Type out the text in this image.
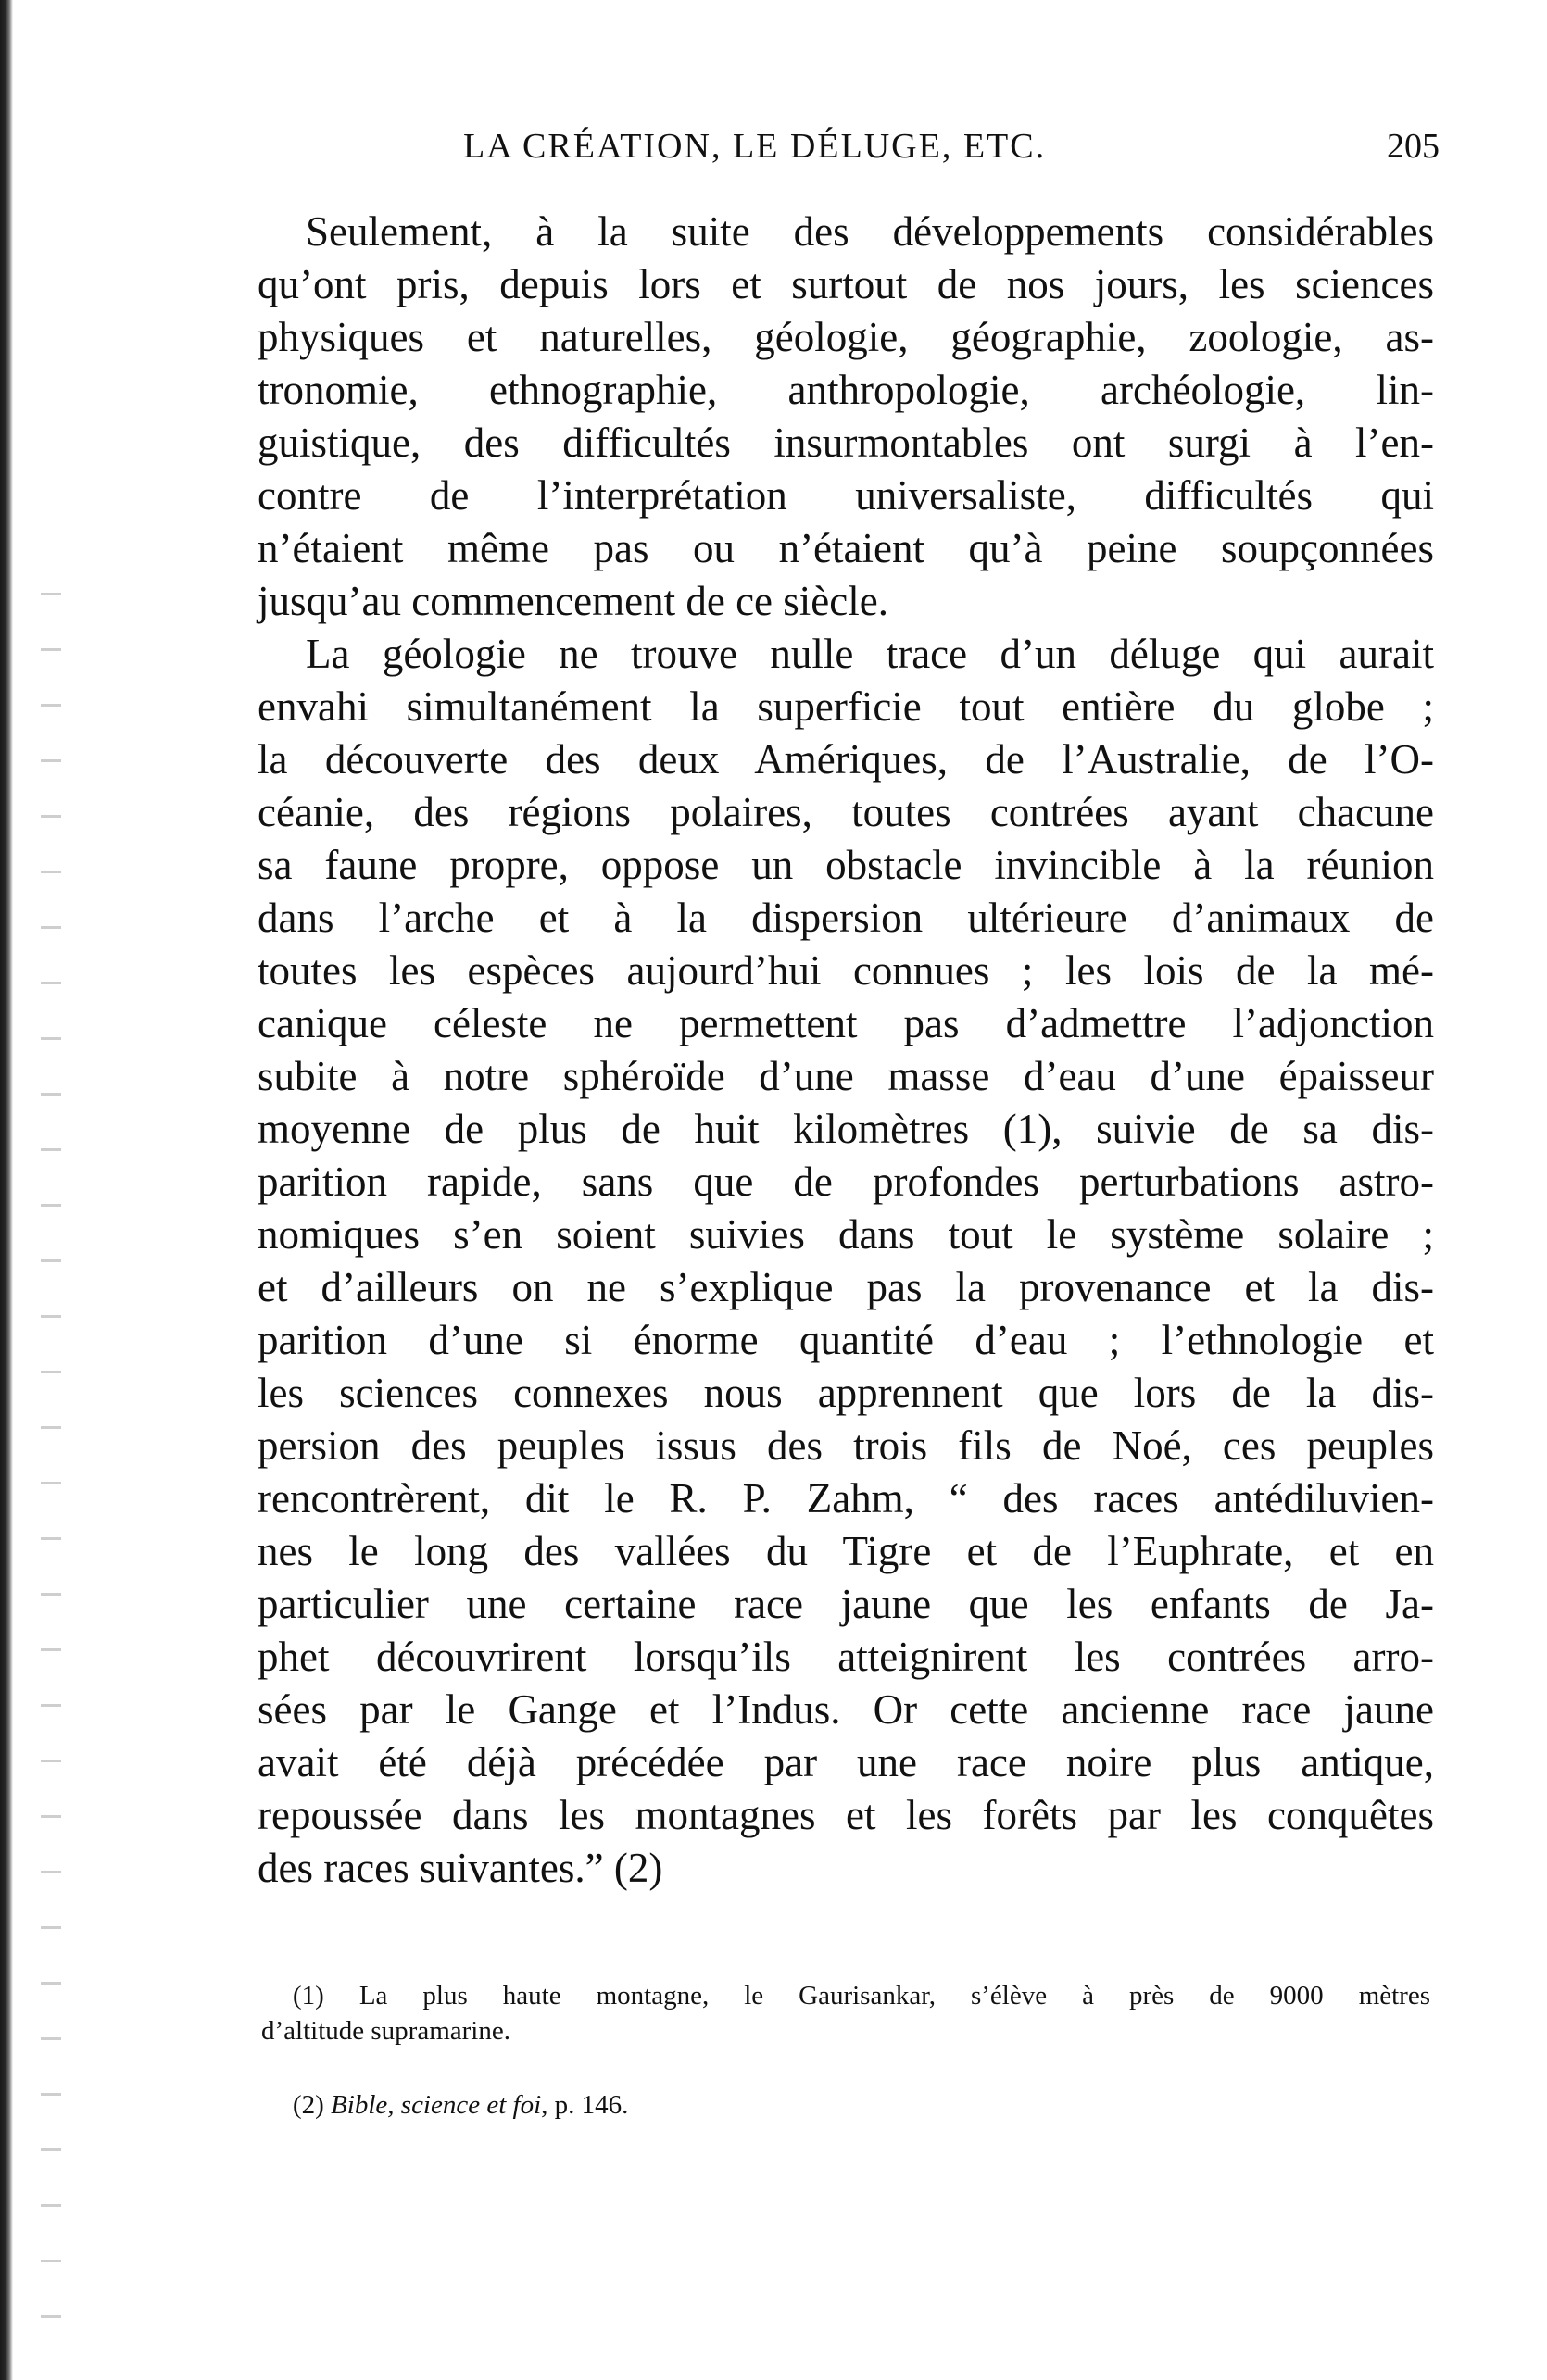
LA CRÉATION, LE DÉLUGE, ETC.	205
Seulement, à la suite des développements considérables
qu’ont pris, depuis lors et surtout de nos jours, les sciences
physiques et naturelles, géologie, géographie, zoologie, as-
tronomie, ethnographie, anthropologie, archéologie, lin-
guistique, des difficultés insurmontables ont surgi à l’en-
contre de l’interprétation universaliste, difficultés qui
n’étaient même pas ou n’étaient qu’à peine soupçonnées
jusqu’au commencement de ce siècle.
La géologie ne trouve nulle trace d’un déluge qui aurait
envahi simultanément la superficie tout entière du globe ;
la découverte des deux Amériques, de l’Australie, de l’O-
céanie, des régions polaires, toutes contrées ayant chacune
sa faune propre, oppose un obstacle invincible à la réunion
dans l’arche et à la dispersion ultérieure d’animaux de
toutes les espèces aujourd’hui connues ; les lois de la mé-
canique céleste ne permettent pas d’admettre l’adjonction
subite à notre sphéroïde d’une masse d’eau d’une épaisseur
moyenne de plus de huit kilomètres (1), suivie de sa dis-
parition rapide, sans que de profondes perturbations astro-
nomiques s’en soient suivies dans tout le système solaire ;
et d’ailleurs on ne s’explique pas la provenance et la dis-
parition d’une si énorme quantité d’eau ; l’ethnologie et
les sciences connexes nous apprennent que lors de la dis-
persion des peuples issus des trois fils de Noé, ces peuples
rencontrèrent, dit le R. P. Zahm, “ des races antédiluvien-
nes le long des vallées du Tigre et de l’Euphrate, et en
particulier une certaine race jaune que les enfants de Ja-
phet découvrirent lorsqu’ils atteignirent les contrées arro-
sées par le Gange et l’Indus. Or cette ancienne race jaune
avait été déjà précédée par une race noire plus antique,
repoussée dans les montagnes et les forêts par les conquêtes
des races suivantes.” (2)
(1) La plus haute montagne, le Gaurisankar, s’élève à près de 9000 mètres
d’altitude supramarine.
(2) Bible, science et foi, p. 146.
